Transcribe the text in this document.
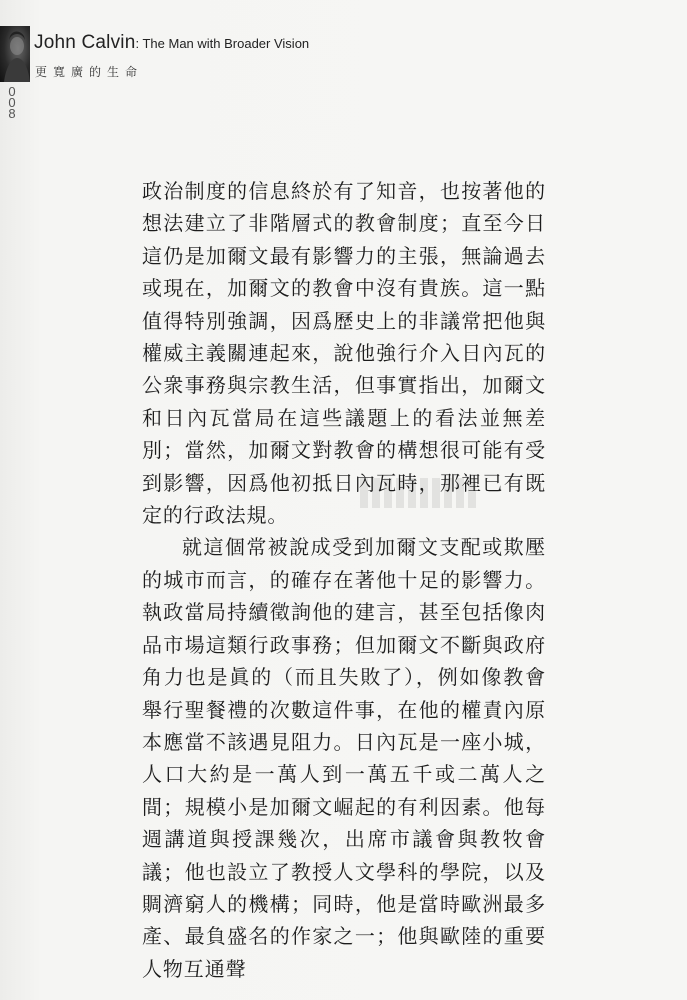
John Calvin: The Man with Broader Vision
更寬廣的生命
008

政治制度的信息終於有了知音，也按著他的想法建立了非階層式的教會制度；直至今日這仍是加爾文最有影響力的主張，無論過去或現在，加爾文的教會中沒有貴族。這一點值得特別強調，因爲歷史上的非議常把他與權威主義關連起來，說他強行介入日內瓦的公衆事務與宗教生活，但事實指出，加爾文和日內瓦當局在這些議題上的看法並無差別；當然，加爾文對教會的構想很可能有受到影響，因爲他初抵日內瓦時，那裡已有既定的行政法規。

就這個常被說成受到加爾文支配或欺壓的城市而言，的確存在著他十足的影響力。執政當局持續徵詢他的建言，甚至包括像肉品市場這類行政事務；但加爾文不斷與政府角力也是眞的（而且失敗了），例如像教會舉行聖餐禮的次數這件事，在他的權責內原本應當不該遇見阻力。日內瓦是一座小城，人口大約是一萬人到一萬五千或二萬人之間；規模小是加爾文崛起的有利因素。他每週講道與授課幾次，出席市議會與教牧會議；他也設立了教授人文學科的學院，以及賙濟窮人的機構；同時，他是當時歐洲最多產、最負盛名的作家之一；他與歐陸的重要人物互通聲
